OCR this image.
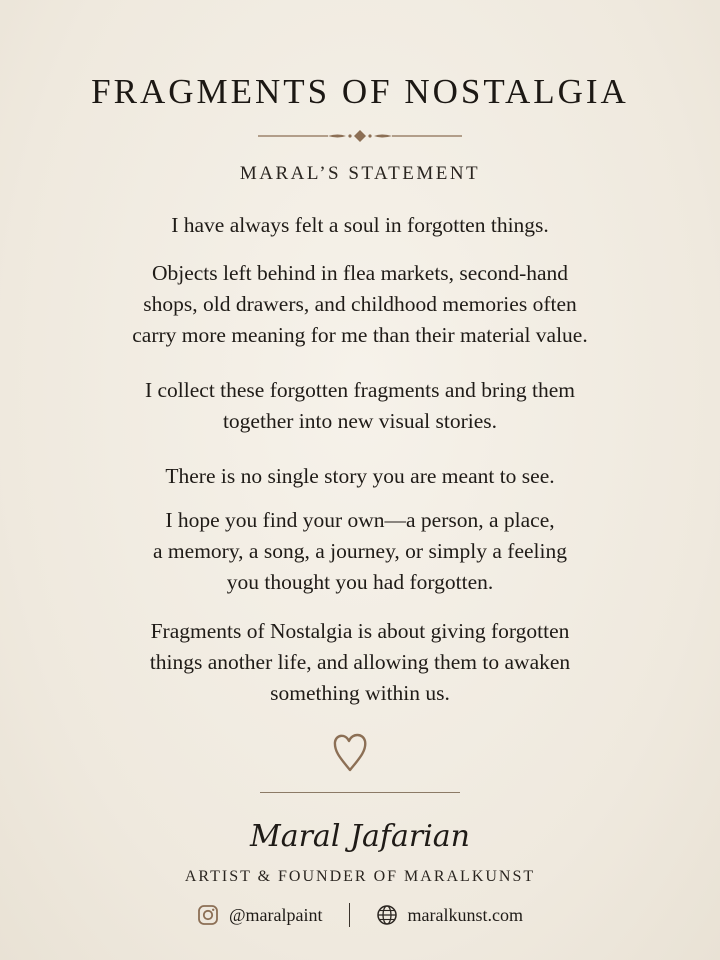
FRAGMENTS OF NOSTALGIA
MARAL’S STATEMENT

I have always felt a soul in forgotten things.

Objects left behind in flea markets, second-hand
shops, old drawers, and childhood memories often
carry more meaning for me than their material value.

I collect these forgotten fragments and bring them
together into new visual stories.

There is no single story you are meant to see.

I hope you find your own—a person, a place,
a memory, a song, a journey, or simply a feeling
you thought you had forgotten.

Fragments of Nostalgia is about giving forgotten
things another life, and allowing them to awaken
something within us.

Maral Jafarian
ARTIST & FOUNDER OF MARALKUNST
@maralpaint	maralkunst.com
